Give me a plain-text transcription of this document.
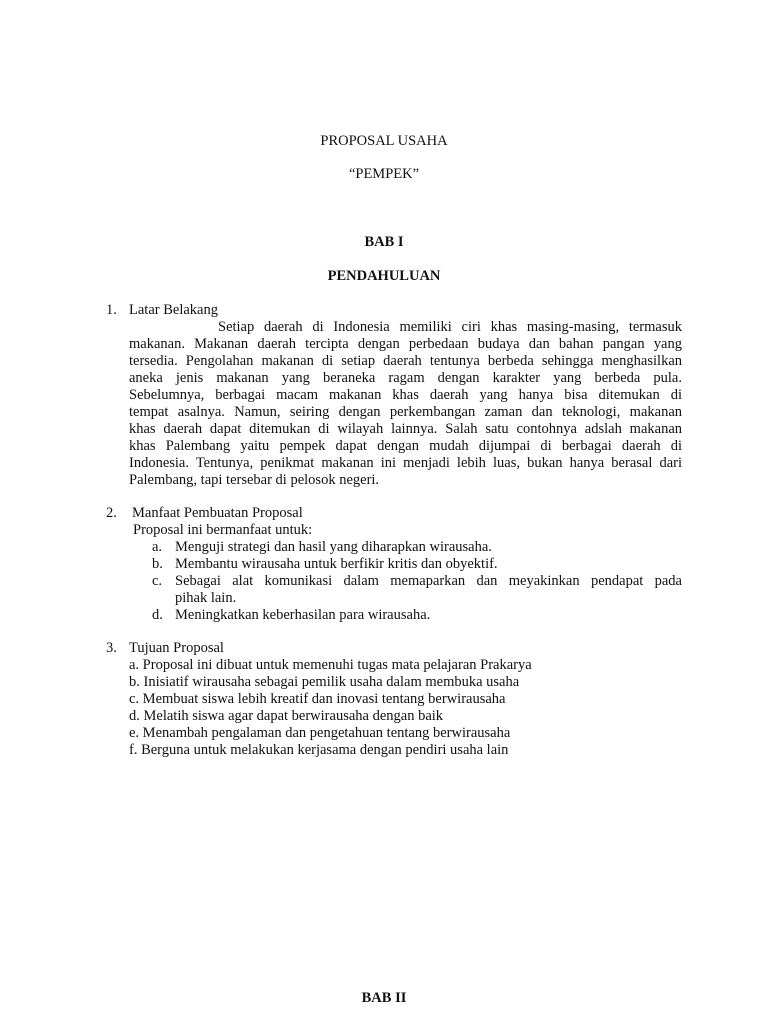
PROPOSAL USAHA
“PEMPEK”
BAB I
PENDAHULUAN
1. Latar Belakang
Setiap daerah di Indonesia memiliki ciri khas masing-masing, termasuk
makanan. Makanan daerah tercipta dengan perbedaan budaya dan bahan pangan yang
tersedia. Pengolahan makanan di setiap daerah tentunya berbeda sehingga menghasilkan
aneka jenis makanan yang beraneka ragam dengan karakter yang berbeda pula.
Sebelumnya, berbagai macam makanan khas daerah yang hanya bisa ditemukan di
tempat asalnya. Namun, seiring dengan perkembangan zaman dan teknologi, makanan
khas daerah dapat ditemukan di wilayah lainnya. Salah satu contohnya adslah makanan
khas Palembang yaitu pempek dapat dengan mudah dijumpai di berbagai daerah di
Indonesia. Tentunya, penikmat makanan ini menjadi lebih luas, bukan hanya berasal dari
Palembang, tapi tersebar di pelosok negeri.
2. Manfaat Pembuatan Proposal
Proposal ini bermanfaat untuk:
a. Menguji strategi dan hasil yang diharapkan wirausaha.
b. Membantu wirausaha untuk berfikir kritis dan obyektif.
c. Sebagai alat komunikasi dalam memaparkan dan meyakinkan pendapat pada
pihak lain.
d. Meningkatkan keberhasilan para wirausaha.
3. Tujuan Proposal
a. Proposal ini dibuat untuk memenuhi tugas mata pelajaran Prakarya
b. Inisiatif wirausaha sebagai pemilik usaha dalam membuka usaha
c. Membuat siswa lebih kreatif dan inovasi tentang berwirausaha
d. Melatih siswa agar dapat berwirausaha dengan baik
e. Menambah pengalaman dan pengetahuan tentang berwirausaha
f. Berguna untuk melakukan kerjasama dengan pendiri usaha lain
BAB II
